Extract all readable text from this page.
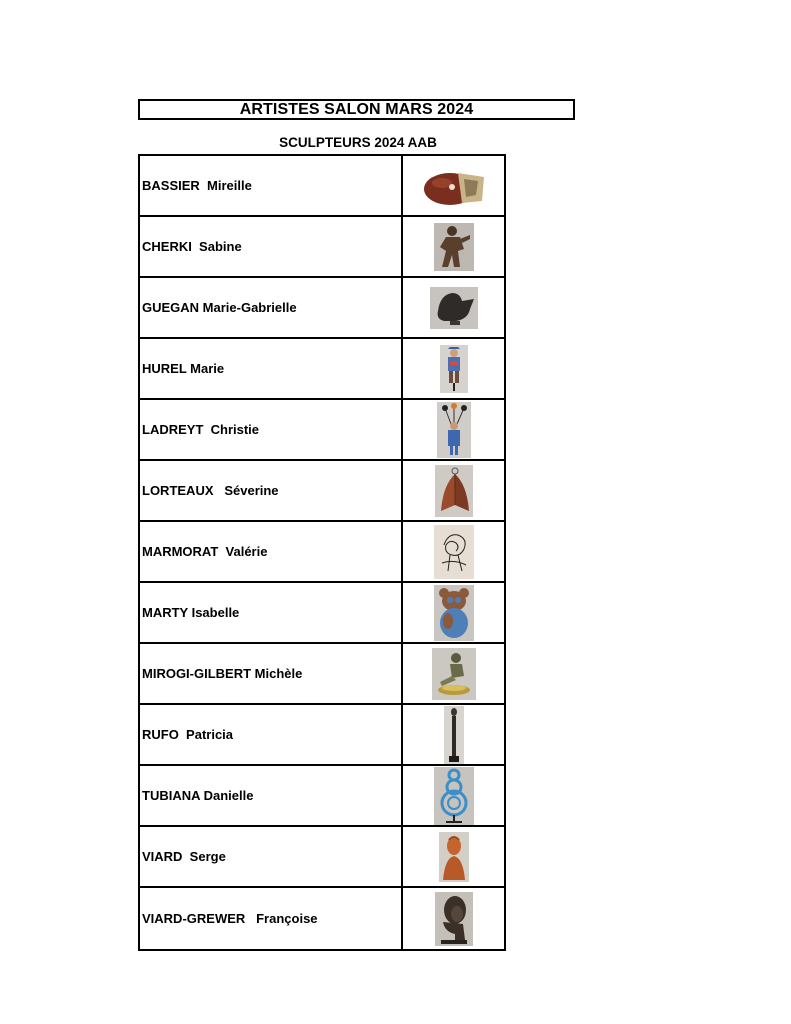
ARTISTES SALON MARS 2024
SCULPTEURS 2024 AAB
BASSIER  Mireille
CHERKI  Sabine
GUEGAN Marie-Gabrielle
HUREL Marie
LADREYT  Christie
LORTEAUX   Séverine
MARMORAT  Valérie
MARTY Isabelle
MIROGI-GILBERT Michèle
RUFO  Patricia
TUBIANA Danielle
VIARD  Serge
VIARD-GREWER   Françoise
